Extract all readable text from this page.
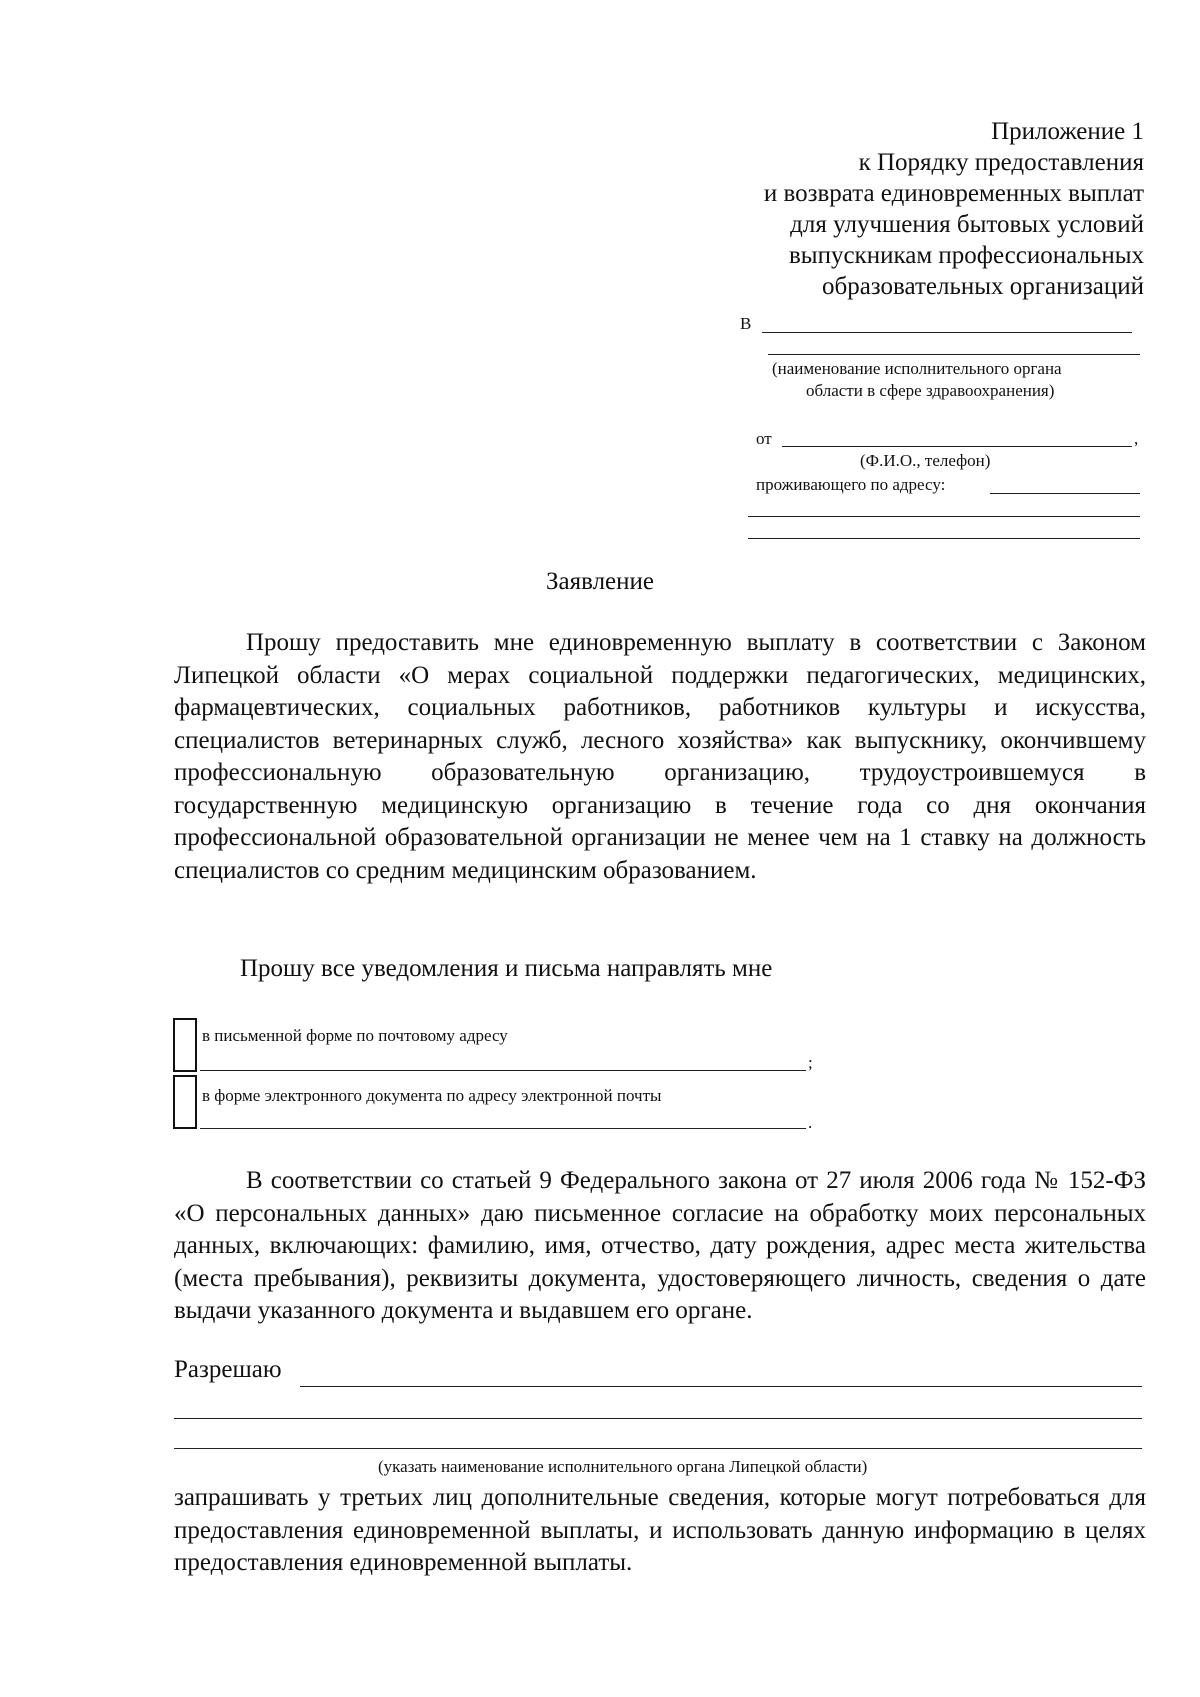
Приложение 1
к Порядку предоставления
и возврата единовременных выплат
для улучшения бытовых условий
выпускникам профессиональных
образовательных организаций
В
(наименование исполнительного органа
области в сфере здравоохранения)
от	,
(Ф.И.О., телефон)
проживающего по адресу:
Заявление
Прошу предоставить мне единовременную выплату в соответствии с Законом Липецкой области «О мерах социальной поддержки педагогических, медицинских, фармацевтических, социальных работников, работников культуры и искусства, специалистов ветеринарных служб, лесного хозяйства» как выпускнику, окончившему профессиональную образовательную организацию, трудоустроившемуся в государственную медицинскую организацию в течение года со дня окончания профессиональной образовательной организации не менее чем на 1 ставку на должность специалистов со средним медицинским образованием.
Прошу все уведомления и письма направлять мне
в письменной форме по почтовому адресу
;
в форме электронного документа по адресу электронной почты
.
В соответствии со статьей 9 Федерального закона от 27 июля 2006 года № 152-ФЗ «О персональных данных» даю письменное согласие на обработку моих персональных данных, включающих: фамилию, имя, отчество, дату рождения, адрес места жительства (места пребывания), реквизиты документа, удостоверяющего личность, сведения о дате выдачи указанного документа и выдавшем его органе.
Разрешаю
(указать наименование исполнительного органа Липецкой области)
запрашивать у третьих лиц дополнительные сведения, которые могут потребоваться для предоставления единовременной выплаты, и использовать данную информацию в целях предоставления единовременной выплаты.
